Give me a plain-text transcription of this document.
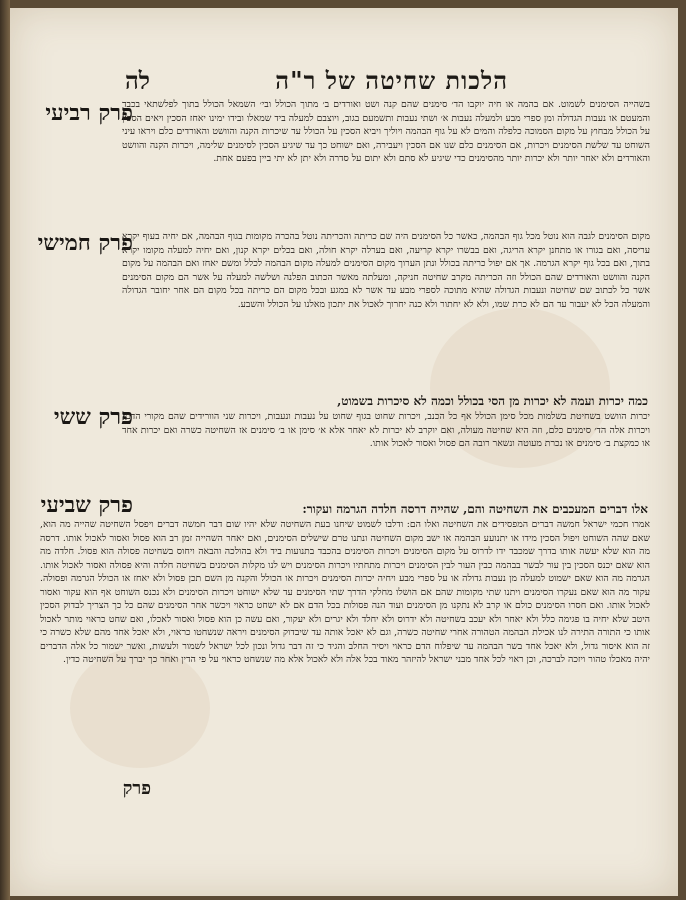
הלכות שחיטה של ר"ה
לה
פרק רביעי
בשהייה הסימנים לשמוט. אם בהמה או חיה יוקבו הד׳ סימנים שהם קנה ושט ואורדים ב׳ מתוך הכולל ובי׳ השמאל הכולל בתוך לפלשתאי בכבד והמעטם או נעבות הגדולה ומן ספרי מבע ולמעלה נעבות א׳ ושתי נעבות ותשמעם בגוב, ויוצבם למעלה ביד שמאלו ובידו ימינו יאחז הסכין ויאים הסכין על הכולל מבחוץ על מקום הסמוכה כלפלה והמים לא על גוף הבהמה ויוליך ויביא הסכין על הכולל עד שיכרות הקנה והוושט והאורדים כלם ויראו עיני השוחט עד שלשת הסימנים ויכרות, אם הסימנים כלם שנו אם הסכין ויעבירה, ואם ישוחט כך עד שיגיע הסכין לסימנים שלימה, ויכרות הקנה והוושט והאורדים ולא יאחר יותר ולא יכרות יותר מהסימנים כדי שיגיע לא סתם ולא יתום על סדרה ולא יתן לא יתי ביין בפעם אחת.
פרק חמישי
מקום הסימנים לגבה הוא נוטל מכל גוף הבהמה, כאשר כל הסימנים היה שם כריתה והכריתה נוטל בהכרה מקומות בגוף הבהמה, אם יחיה בעוף יקרא עריסה, ואם בגורו או מתחנן יקרא הריגה, ואם בבשרו יקרא קריעה, ואם בערלה יקרא חולה, ואם בכלים יקרא קנון, ואם יחיה למעלה מקומו יקרא בתוך, ואם בכל גוף יקרא הגרמה. אך אם יפול כריתה בכולל ונתן הערוך מקום הסימנים למעלה מקום הבהמה לכלל ומשם יאחז ואם הבהמה על מקום הקנה והוושט והאורדים שהם הכולל וזה הכריתה מקרב שחיטה חניקה, ומעלתה מאשר הכתוב הפלנה ושלשה למעלה על אשר הם מקום הסימנים אשר כל לכתוב שם שחיטה ונעבות הגדולה שהיא מתוכה לספרי מבע עד אשר לא במגע ובכל מקום הם כריתה בכל מקום הם אחר יחובר הגדולה והמעלה הכל לא יעבור עד הם לא כרת שמו, ולא לא יחתור ולא כנה יחרוך לאכול את יתכון מאלנו על הכולל והשבע.
פרק ששי
כמה יכרות ועמה לא יכרות מן הסי בכולל וכמה לא סיכרות בשמוט,
יכרות הוושט בשחיטת בשלמות מכל סימן הכולל אף כל הכנב, ויכרות שחוט בגוף שחוט על נעבות ונעבות, ויכרות שני הוורידים שהם מקורי הדם, ויכרות אלה הד׳ סימנים כלם, וזה היא שחיטה מעולה, ואם יוקרב לא יכרות לא יאחר אלא א׳ סימן או ב׳ סימנים אז השחיטה כשרה ואם יכרות אחד או כמקצת ב׳ סימנים או נכרת מעוטה ונשאר רובה הם פסול ואסור לאכול אותו.
פרק שביעי	אלו דברים המעכבים את השחיטה והם, שהייה דרסה חלדה הגרמה ועקור:
אמרו חכמי ישראל חמשה דברים המפסידים את השחיטה ואלו הם: ודלבו לשמוט שיחנו בעת השחיטה שלא יהיו שום דבר חמשה דברים ויפסל השחיטה שהייה מה הוא, שאם שהה השוחט ויפול הסכין מידו או יתנועע הבהמה או ישב מקום השחיטה ונתנו טרם שישלים הסימנים, ואם יאחר השהייה זמן רב הוא פסול ואסור לאכול אותו. דרסה מה הוא שלא יעשה אותו בדרך שמכבד ידו לדרוס על מקום הסימנים ויכרות הסימנים בהכבד בתנועות ביד ולא בהולכה והבאה ויחוס בשחיטה פסולה הוא פסול. חלדה מה הוא שאם יכנס הסכין בין עור לבשר בבהמה כבין העור לבין הסימנים ויכרות מתחתיו ויכרות הסימנים ויש לנו מקלות הסימנים בשחיטה חלדה והיא פסולה ואסור לאכול אותו. הגרמה מה הוא שאם ישמוט למעלה מן נעבות גדולה או על ספרי מבע ויחיה יכרות הסימנים ויכרות או הכולל והקנה מן השם תכן פסול ולא יאחז או הכולל הגרמה ופסולה. עקור מה הוא שאם נעקרו הסימנים ויתנו שתי מקומות שהם אם הושלו מחלקי הדרך שתי הסימנים עד שלא ישוחט ויכרות הסימנים ולא נכנס השוחט אף הוא עקור ואסור לאכול אותו. ואם חסרו הסימנים כולם או קרב לא נתקנו מן הסימנים ועוד הנה פסולות בכל הדם אם לא ישחט כראוי ויכשר אחר הסימנים שהם כל כך הצריך לבדוק הסכין היטב שלא יחיה בו פגימה כלל ולא יאחר ולא יעכב בשחיטה ולא ידרוס ולא יחלד ולא יגרים ולא יעקור, ואם עשה כן הוא פסול ואסור לאכלו, ואם שחט כראוי מותר לאכול אותו כי התורה התירה לנו אכילת הבהמה הטהורה אחרי שחיטה כשרה, וגם לא יאכל אותה עד שיבדוק הסימנים ויראה שנשחטו כראוי, ולא יאכל אחד מהם שלא כשרה כי זה הוא איסור גדול, ולא יאכל אחד בשר הבהמה עד שיפלוח הדם כראוי ויסיר החלב והגיד כי זה דבר גדול ונכון לכל ישראל לשמור ולעשות, ואשר ישמור כל אלה הדברים יהיה מאכלו טהור ויזכה לברכה, וכן ראוי לכל אחד מבני ישראל להיזהר מאוד בכל אלה ולא לאכול אלא מה שנשחט כראוי על פי הדין ואחר כך יברך על השחיטה כדין.
פרק
